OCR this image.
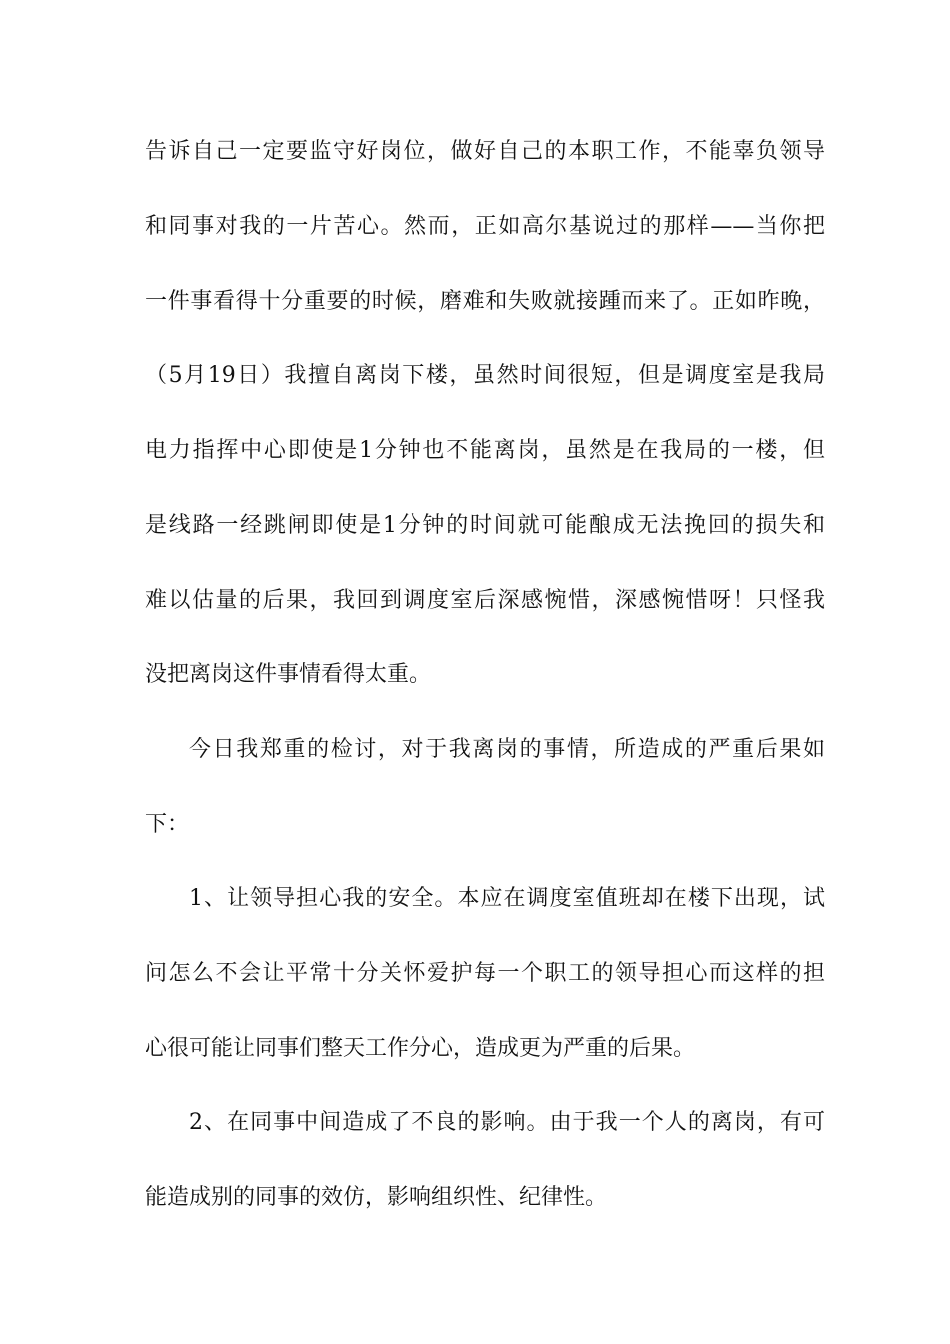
告诉自己一定要监守好岗位，做好自己的本职工作，不能辜负领导
和同事对我的一片苦心。然而，正如高尔基说过的那样——当你把
一件事看得十分重要的时候，磨难和失败就接踵而来了。正如昨晚，
（5月19日）我擅自离岗下楼，虽然时间很短，但是调度室是我局
电力指挥中心即使是1分钟也不能离岗，虽然是在我局的一楼，但
是线路一经跳闸即使是1分钟的时间就可能酿成无法挽回的损失和
难以估量的后果，我回到调度室后深感惋惜，深感惋惜呀！只怪我
没把离岗这件事情看得太重。
今日我郑重的检讨，对于我离岗的事情，所造成的严重后果如
下：
1、让领导担心我的安全。本应在调度室值班却在楼下出现，试
问怎么不会让平常十分关怀爱护每一个职工的领导担心而这样的担
心很可能让同事们整天工作分心，造成更为严重的后果。
2、在同事中间造成了不良的影响。由于我一个人的离岗，有可
能造成别的同事的效仿，影响组织性、纪律性。
